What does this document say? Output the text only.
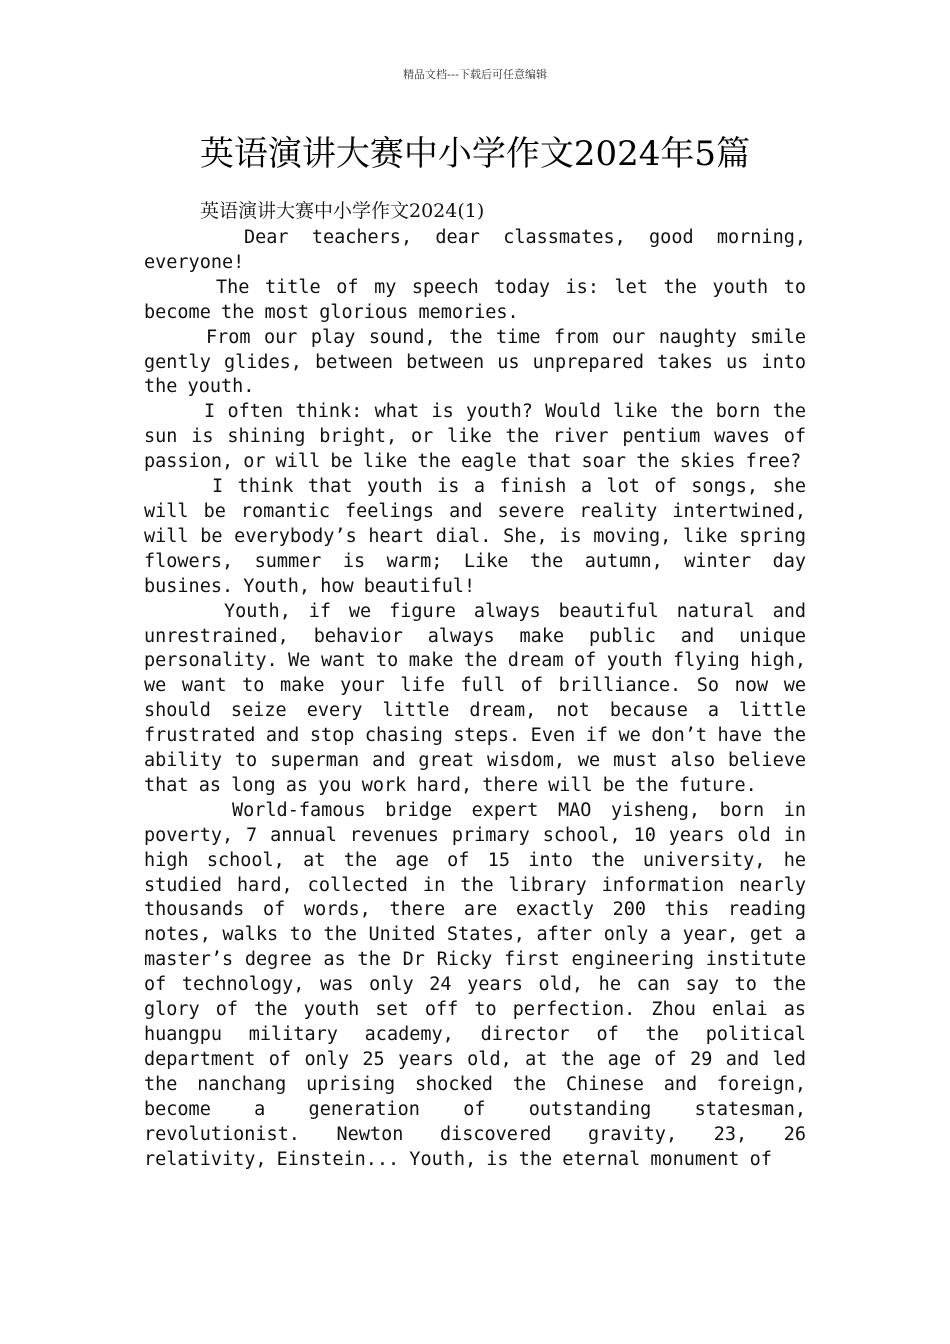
精品文档---下载后可任意编辑
英语演讲大赛中小学作文2024年5篇
英语演讲大赛中小学作文2024(1)

Dear teachers, dear classmates, good morning, everyone!

The title of my speech today is: let the youth to become the most glorious memories.

From our play sound, the time from our naughty smile gently glides, between between us unprepared takes us into the youth.

I often think: what is youth? Would like the born the sun is shining bright, or like the river pentium waves of passion, or will be like the eagle that soar the skies free?

I think that youth is a finish a lot of songs, she will be romantic feelings and severe reality intertwined, will be everybody’s heart dial. She, is moving, like spring flowers, summer is warm; Like the autumn, winter day busines. Youth, how beautiful!

Youth, if we figure always beautiful natural and unrestrained, behavior always make public and unique personality. We want to make the dream of youth flying high, we want to make your life full of brilliance. So now we should seize every little dream, not because a little frustrated and stop chasing steps. Even if we don’t have the ability to superman and great wisdom, we must also believe that as long as you work hard, there will be the future.

World-famous bridge expert MAO yisheng, born in poverty, 7 annual revenues primary school, 10 years old in high school, at the age of 15 into the university, he studied hard, collected in the library information nearly thousands of words, there are exactly 200 this reading notes, walks to the United States, after only a year, get a master’s degree as the Dr Ricky first engineering institute of technology, was only 24 years old, he can say to the glory of the youth set off to perfection. Zhou enlai as huangpu military academy, director of the political department of only 25 years old, at the age of 29 and led the nanchang uprising shocked the Chinese and foreign, become a generation of outstanding statesman, revolutionist. Newton discovered gravity, 23, 26 relativity, Einstein... Youth, is the eternal monument of
